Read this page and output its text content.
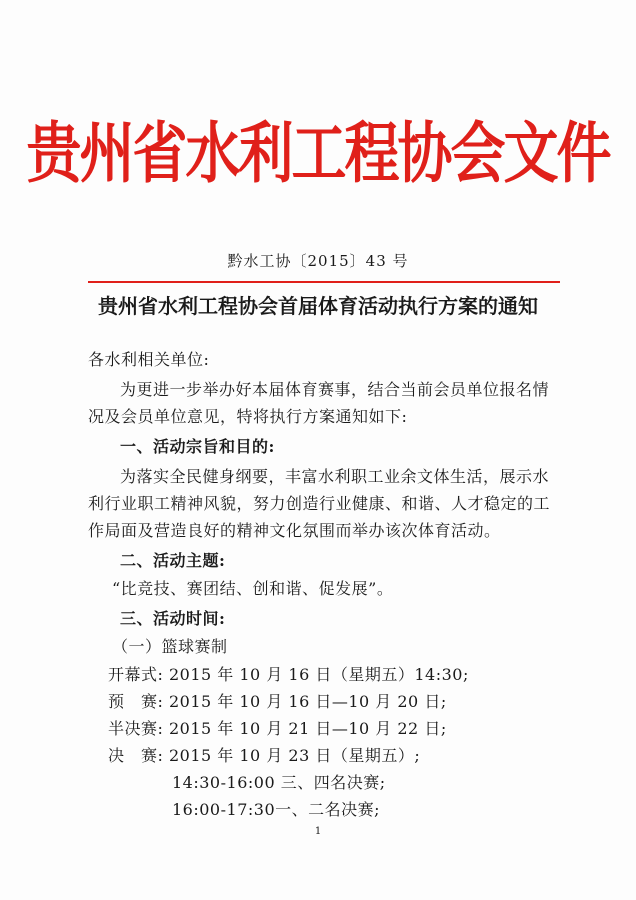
贵州省水利工程协会文件
黔水工协〔2015〕43 号
贵州省水利工程协会首届体育活动执行方案的通知
各水利相关单位:
为更进一步举办好本届体育赛事，结合当前会员单位报名情
况及会员单位意见，特将执行方案通知如下:
一、活动宗旨和目的:
为落实全民健身纲要，丰富水利职工业余文体生活，展示水
利行业职工精神风貌，努力创造行业健康、和谐、人才稳定的工
作局面及营造良好的精神文化氛围而举办该次体育活动。
二、活动主题:
“比竞技、赛团结、创和谐、促发展”。
三、活动时间:
（一）篮球赛制
开幕式: 2015 年 10 月 16 日（星期五）14:30;
预　赛: 2015 年 10 月 16 日—10 月 20 日;
半决赛: 2015 年 10 月 21 日—10 月 22 日;
决　赛: 2015 年 10 月 23 日（星期五）;
14:30-16:00 三、四名决赛;
16:00-17:30一、二名决赛;
1
